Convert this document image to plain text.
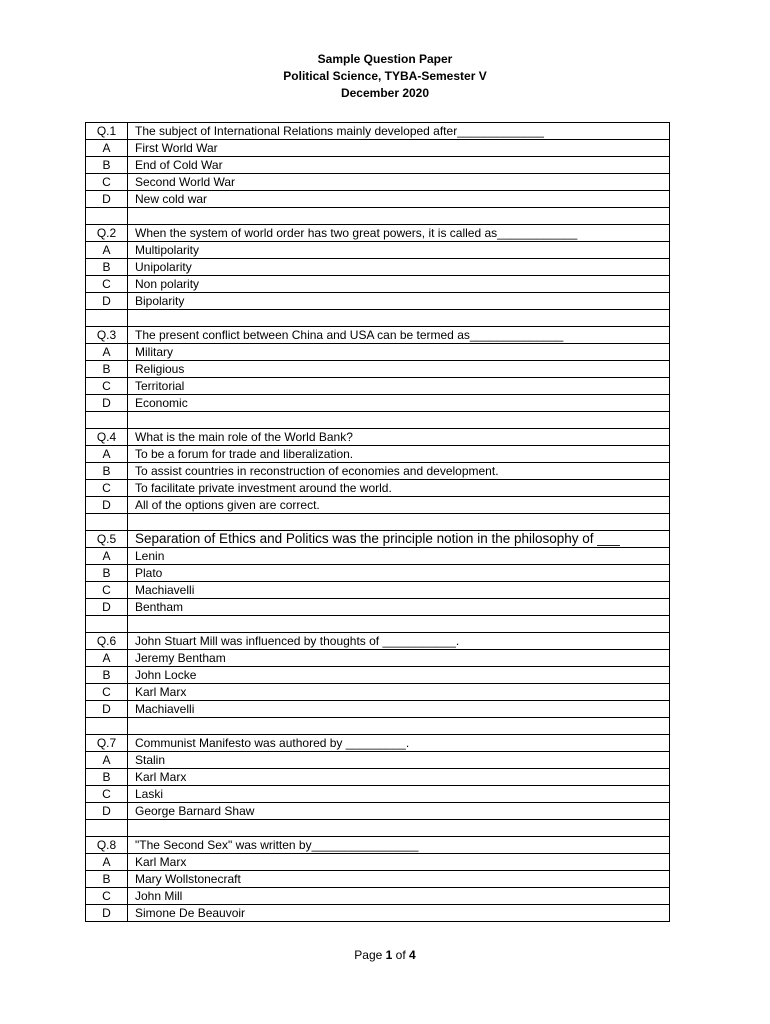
Sample Question Paper
Political Science, TYBA-Semester V
December 2020
Q.1	The subject of International Relations mainly developed after_____________
A	First World War
B	End of Cold War
C	Second World War
D	New cold war

Q.2	When the system of world order has two great powers, it is called as____________
A	Multipolarity
B	Unipolarity
C	Non polarity
D	Bipolarity

Q.3	The present conflict between China and USA can be termed as______________
A	Military
B	Religious
C	Territorial
D	Economic

Q.4	What is the main role of the World Bank?
A	To be a forum for trade and liberalization.
B	To assist countries in reconstruction of economies and development.
C	To facilitate private investment around the world.
D	All of the options given are correct.

Q.5	Separation of Ethics and Politics was the principle notion in the philosophy of ___
A	Lenin
B	Plato
C	Machiavelli
D	Bentham

Q.6	John Stuart Mill was influenced by thoughts of ___________.
A	Jeremy Bentham
B	John Locke
C	Karl Marx
D	Machiavelli

Q.7	Communist Manifesto was authored by _________.
A	Stalin
B	Karl Marx
C	Laski
D	George Barnard Shaw

Q.8	"The Second Sex" was written by________________
A	Karl Marx
B	Mary Wollstonecraft
C	John Mill
D	Simone De Beauvoir
Page 1 of 4
